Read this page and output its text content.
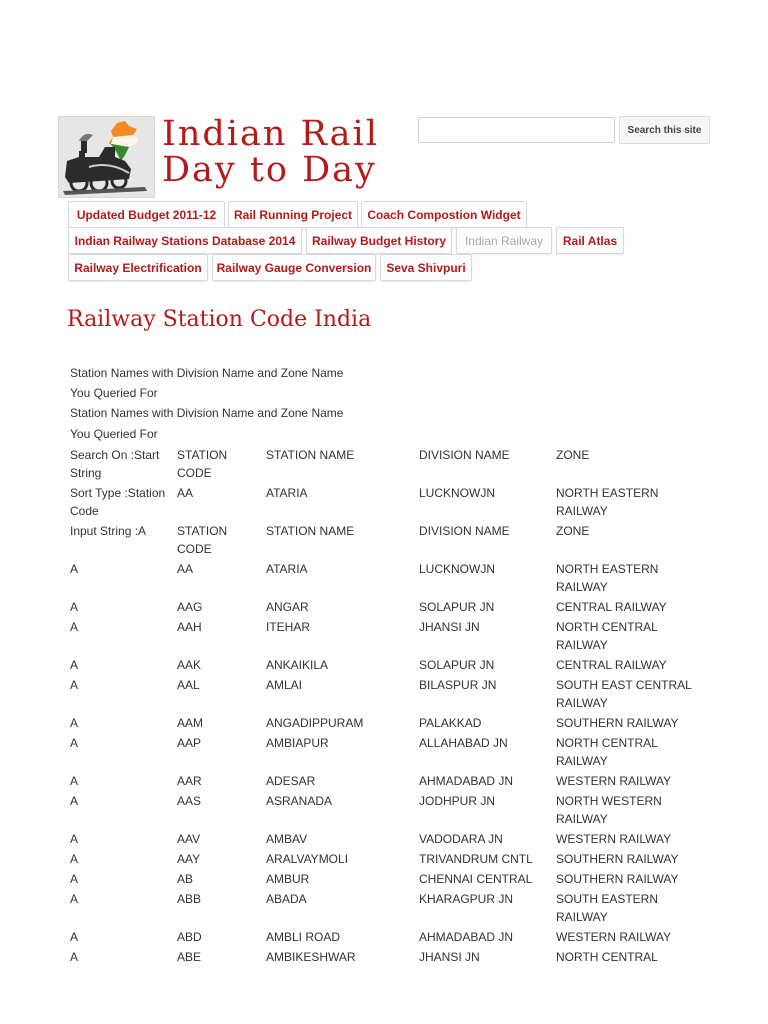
Indian Rail
Day to Day
Search this site
Updated Budget 2011-12	Rail Running Project	Coach Compostion Widget
Indian Railway Stations Database 2014	Railway Budget History	Indian Railway	Rail Atlas
Railway Electrification	Railway Gauge Conversion	Seva Shivpuri
Railway Station Code India
Station Names with Division Name and Zone Name
You Queried For
Station Names with Division Name and Zone Name
You Queried For
Search On :Start String	STATION CODE	STATION NAME	DIVISION NAME	ZONE
Sort Type :Station Code	AA	ATARIA	LUCKNOWJN	NORTH EASTERN RAILWAY
Input String :A	STATION CODE	STATION NAME	DIVISION NAME	ZONE
A	AA	ATARIA	LUCKNOWJN	NORTH EASTERN RAILWAY
A	AAG	ANGAR	SOLAPUR JN	CENTRAL RAILWAY
A	AAH	ITEHAR	JHANSI JN	NORTH CENTRAL RAILWAY
A	AAK	ANKAIKILA	SOLAPUR JN	CENTRAL RAILWAY
A	AAL	AMLAI	BILASPUR JN	SOUTH EAST CENTRAL RAILWAY
A	AAM	ANGADIPPURAM	PALAKKAD	SOUTHERN RAILWAY
A	AAP	AMBIAPUR	ALLAHABAD JN	NORTH CENTRAL RAILWAY
A	AAR	ADESAR	AHMADABAD JN	WESTERN RAILWAY
A	AAS	ASRANADA	JODHPUR JN	NORTH WESTERN RAILWAY
A	AAV	AMBAV	VADODARA JN	WESTERN RAILWAY
A	AAY	ARALVAYMOLI	TRIVANDRUM CNTL	SOUTHERN RAILWAY
A	AB	AMBUR	CHENNAI CENTRAL	SOUTHERN RAILWAY
A	ABB	ABADA	KHARAGPUR JN	SOUTH EASTERN RAILWAY
A	ABD	AMBLI ROAD	AHMADABAD JN	WESTERN RAILWAY
A	ABE	AMBIKESHWAR	JHANSI JN	NORTH CENTRAL
